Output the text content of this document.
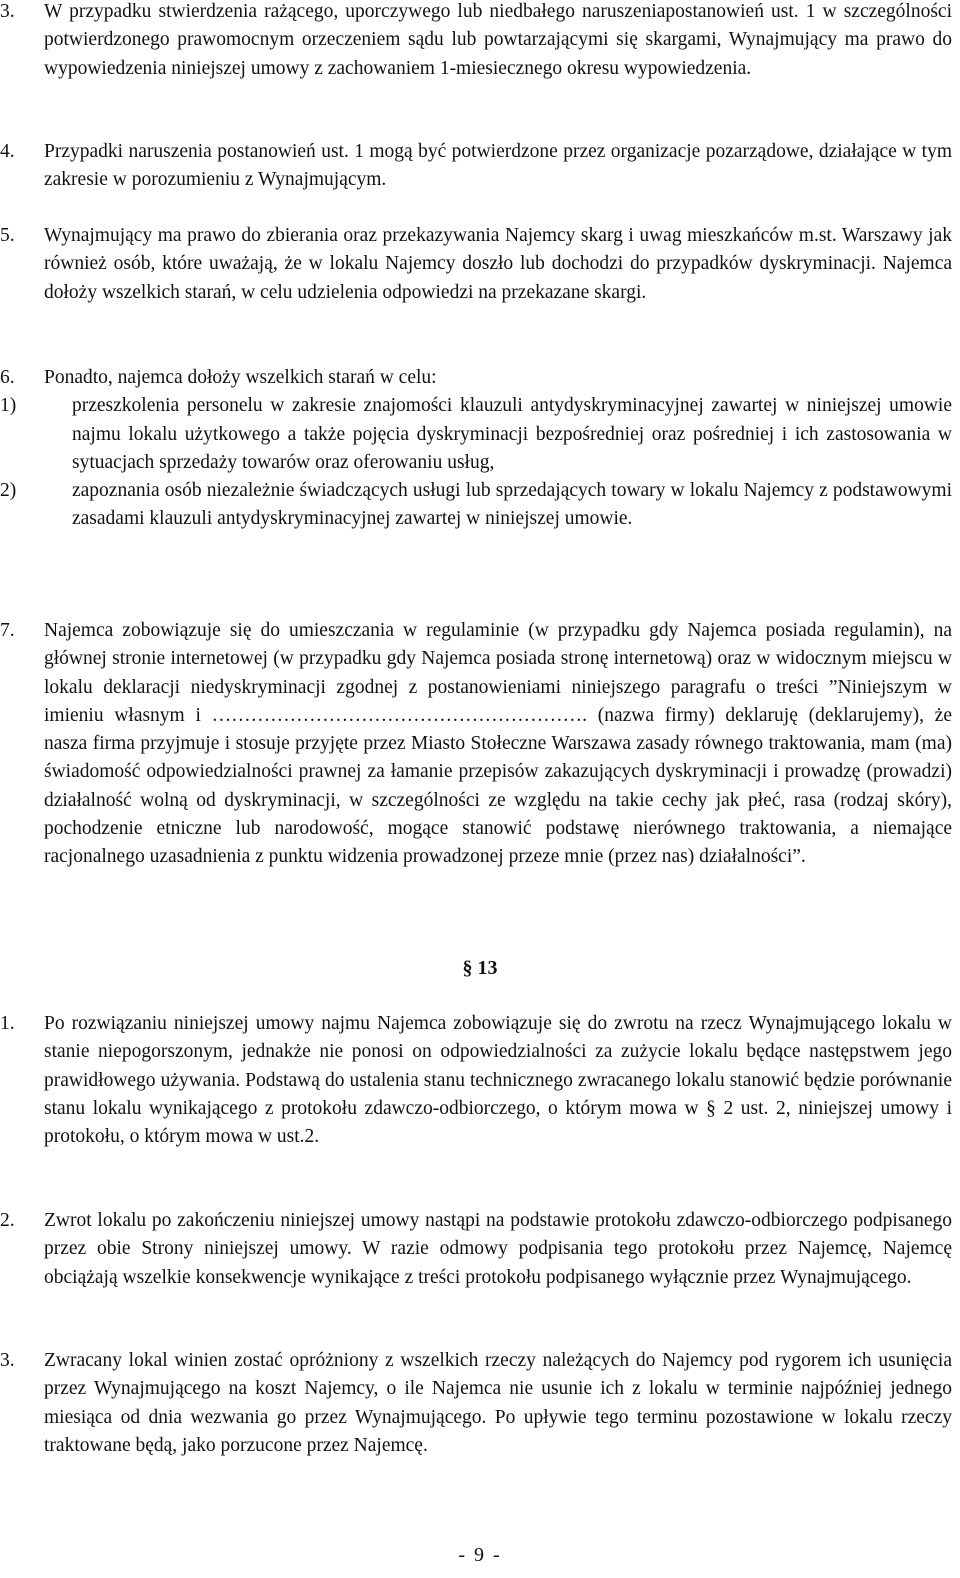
3.	W przypadku stwierdzenia rażącego, uporczywego lub niedbałego naruszeniapostanowień ust. 1 w szczególności potwierdzonego prawomocnym orzeczeniem sądu lub powtarzającymi się skargami, Wynajmujący ma prawo do wypowiedzenia niniejszej umowy z zachowaniem 1-miesiecznego okresu wypowiedzenia.

4.	Przypadki naruszenia postanowień ust. 1 mogą być potwierdzone przez organizacje pozarządowe, działające w tym zakresie w porozumieniu z Wynajmującym.

5.	Wynajmujący ma prawo do zbierania oraz przekazywania Najemcy skarg i uwag mieszkańców m.st. Warszawy jak również osób, które uważają, że w lokalu Najemcy doszło lub dochodzi do przypadków dyskryminacji. Najemca dołoży wszelkich starań, w celu udzielenia odpowiedzi na przekazane skargi.

6.	Ponadto, najemca dołoży wszelkich starań w celu:

1)	przeszkolenia personelu w zakresie znajomości klauzuli antydyskryminacyjnej zawartej w niniejszej umowie najmu lokalu użytkowego a także pojęcia dyskryminacji bezpośredniej oraz pośredniej i ich zastosowania w sytuacjach sprzedaży towarów oraz oferowaniu usług,
2)	zapoznania osób niezależnie świadczących usługi lub sprzedających towary w lokalu Najemcy z podstawowymi zasadami klauzuli antydyskryminacyjnej zawartej w niniejszej umowie.
7.	Najemca zobowiązuje się do umieszczania w regulaminie (w przypadku gdy Najemca posiada regulamin), na głównej stronie internetowej (w przypadku gdy Najemca posiada stronę internetową) oraz w widocznym miejscu w lokalu deklaracji niedyskryminacji zgodnej z postanowieniami niniejszego paragrafu o treści ”Niniejszym w imieniu własnym i …………………………………………………. (nazwa firmy) deklaruję (deklarujemy), że nasza firma przyjmuje i stosuje przyjęte przez Miasto Stołeczne Warszawa zasady równego traktowania, mam (ma) świadomość odpowiedzialności prawnej za łamanie przepisów zakazujących dyskryminacji i prowadzę (prowadzi) działalność wolną od dyskryminacji, w szczególności ze względu na takie cechy jak płeć, rasa (rodzaj skóry), pochodzenie etniczne lub narodowość, mogące stanowić podstawę nierównego traktowania, a niemające racjonalnego uzasadnienia z punktu widzenia prowadzonej przeze mnie (przez nas) działalności”.

§ 13
1.	Po rozwiązaniu niniejszej umowy najmu Najemca zobowiązuje się do zwrotu na rzecz Wynajmującego lokalu w stanie niepogorszonym, jednakże nie ponosi on odpowiedzialności za zużycie lokalu będące następstwem jego prawidłowego używania. Podstawą do ustalenia stanu technicznego zwracanego lokalu stanowić będzie porównanie stanu lokalu wynikającego z protokołu zdawczo-odbiorczego, o którym mowa w § 2 ust. 2, niniejszej umowy i protokołu, o którym mowa w ust.2.

2.	Zwrot lokalu po zakończeniu niniejszej umowy nastąpi na podstawie protokołu zdawczo-odbiorczego podpisanego przez obie Strony niniejszej umowy. W razie odmowy podpisania tego protokołu przez Najemcę, Najemcę obciążają wszelkie konsekwencje wynikające z treści protokołu podpisanego wyłącznie przez Wynajmującego.

3.	Zwracany lokal winien zostać opróżniony z wszelkich rzeczy należących do Najemcy pod rygorem ich usunięcia przez Wynajmującego na koszt Najemcy, o ile Najemca nie usunie ich z lokalu w terminie najpóźniej jednego miesiąca od dnia wezwania go przez Wynajmującego. Po upływie tego terminu pozostawione w lokalu rzeczy traktowane będą, jako porzucone przez Najemcę.

- 9 -
